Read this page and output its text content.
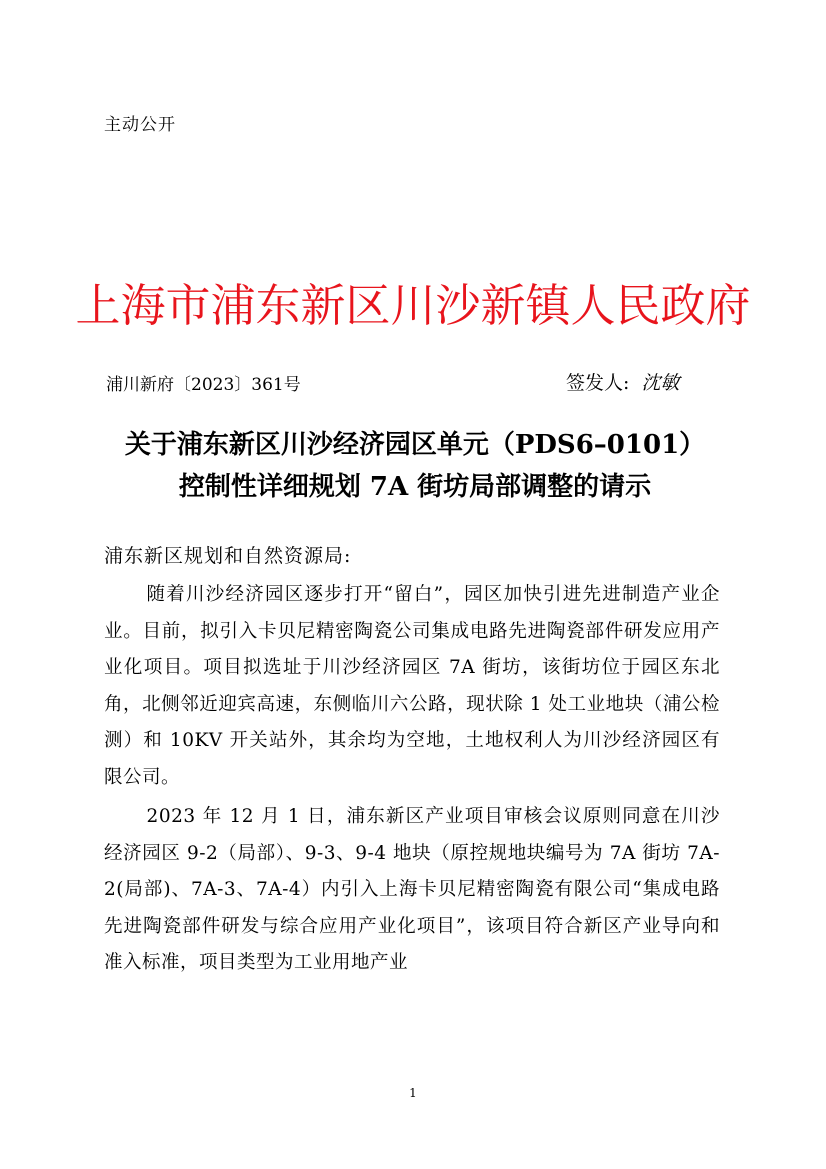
主动公开
上海市浦东新区川沙新镇人民政府
浦川新府〔2023〕361号	签发人: 沈敏
关于浦东新区川沙经济园区单元（PDS6–0101）
控制性详细规划 7A 街坊局部调整的请示
浦东新区规划和自然资源局:

随着川沙经济园区逐步打开“留白”，园区加快引进先进制造产业企业。目前，拟引入卡贝尼精密陶瓷公司集成电路先进陶瓷部件研发应用产业化项目。项目拟选址于川沙经济园区 7A 街坊，该街坊位于园区东北角，北侧邻近迎宾高速，东侧临川六公路，现状除 1 处工业地块（浦公检测）和 10KV 开关站外，其余均为空地，土地权利人为川沙经济园区有限公司。

2023 年 12 月 1 日，浦东新区产业项目审核会议原则同意在川沙经济园区 9-2（局部）、9-3、9-4 地块（原控规地块编号为 7A 街坊 7A-2(局部)、7A-3、7A-4）内引入上海卡贝尼精密陶瓷有限公司“集成电路先进陶瓷部件研发与综合应用产业化项目”，该项目符合新区产业导向和准入标准，项目类型为工业用地产业

1
